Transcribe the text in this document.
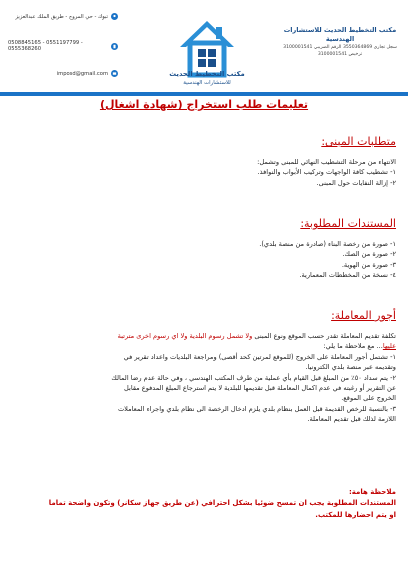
مكتب التخطيط الحديث للاستشارات الهندسية
سجل تجاري 3550364869 الرقم الضريبي 3100001541
ترخيص 3100001541
مكتب التخطيط الحديث
للاستشارات الهندسية
تبوك - حي المروج - طريق الملك عبدالعزيز
0508845165 - 0551197799 - 0555368260
imposd@gmail.com
تعليمات طلب استخراج (شهادة اشغال)
متطلبات المبنى:
الانتهاء من مرحلة التشطيب النهائي للمبنى وتشمل:
١- تشطيب كافة الواجهات وتركيب الأبواب والنوافذ.
٢- إزالة النفايات حول المبنى.
المستندات المطلوبة:
١- صورة من رخصة البناء (صادرة من منصة بلدي).
٢- صورة من الصك.
٣- صورة من الهوية.
٤- نسخة من المخططات المعمارية.
أجور المعاملة:
تكلفة تقديم المعاملة تقدر حسب الموقع ونوع المبنى ولا تشمل رسوم البلدية ولا اي رسوم اخرى مترتبة
عليها... مع ملاحظة ما يلي:
١- تشتمل أجور المعاملة على الخروج (للموقع لمرتين كحد أقصى) ومراجعة البلديات واعداد تقرير في
وتقديمه عبر منصة بلدي الكترونيا.
٢- يتم سداد ٥٠٪ من المبلغ قبل القيام بأي عملية من طرف المكتب الهندسي ، وفي حالة عدم رضا المالك
عن التقرير أو رغبته في عدم اكمال المعاملة قبل تقديمها للبلدية لا يتم استرجاع المبلغ المدفوع مقابل
الخروج على الموقع.
٣- بالنسبة للرخص القديمة قبل العمل بنظام بلدي يلزم ادخال الرخصة الى نظام بلدي واجراء المعاملات
اللازمة لذلك قبل تقديم المعاملة.
ملاحظة هامة:
المستندات المطلوبة يجب ان تمسح ضوئيا بشكل احترافي (عن طريق جهاز سكانر) وتكون واضحة تماما
او يتم احضارها للمكتب.
